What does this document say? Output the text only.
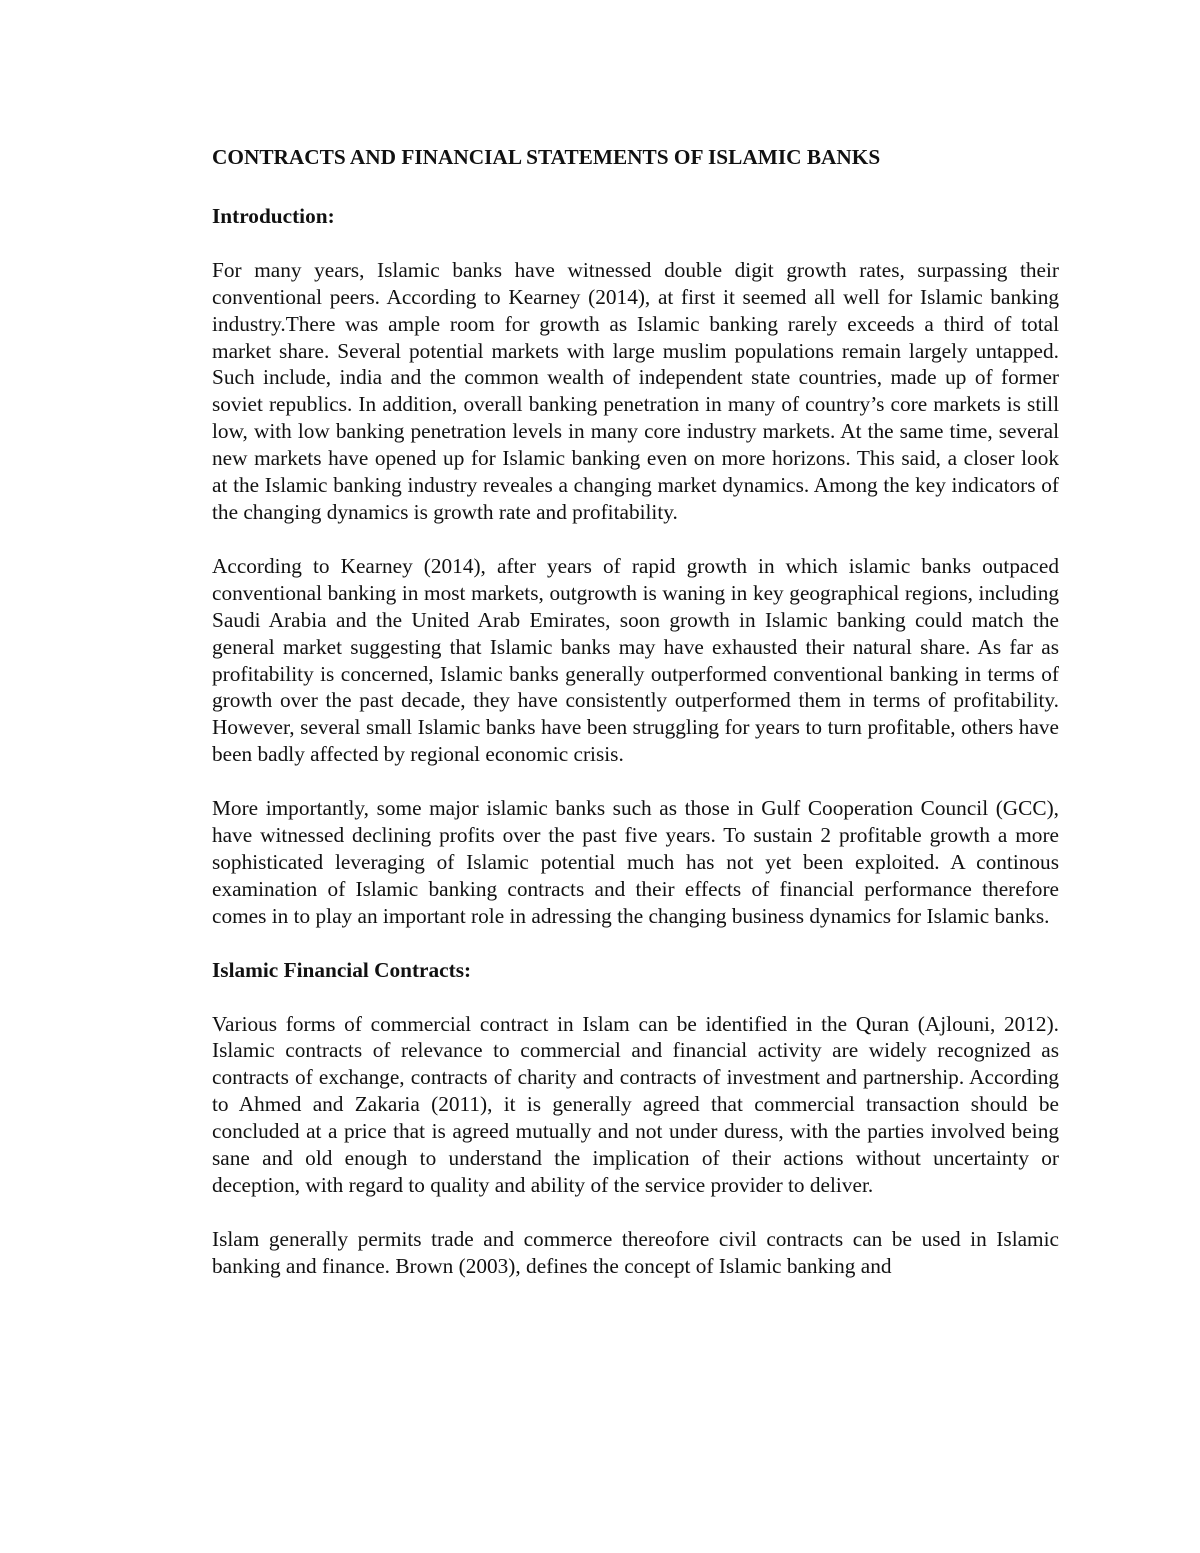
CONTRACTS AND FINANCIAL STATEMENTS OF ISLAMIC BANKS
Introduction:

For many years, Islamic banks have witnessed double digit growth rates, surpassing their conventional peers. According to Kearney (2014), at first it seemed all well for Islamic banking industry.There was ample room for growth as Islamic banking rarely exceeds a third of total market share. Several potential markets with large muslim populations remain largely untapped. Such include, india and the common wealth of independent state countries, made up of former soviet republics. In addition, overall banking penetration in many of country’s core markets is still low, with low banking penetration levels in many core industry markets. At the same time, several new markets have opened up for Islamic banking even on more horizons. This said, a closer look at the Islamic banking industry reveales a changing market dynamics. Among the key indicators of the changing dynamics is growth rate and profitability.

According to Kearney (2014), after years of rapid growth in which islamic banks outpaced conventional banking in most markets, outgrowth is waning in key geographical regions, including Saudi Arabia and the United Arab Emirates, soon growth in Islamic banking could match the general market suggesting that Islamic banks may have exhausted their natural share. As far as profitability is concerned, Islamic banks generally outperformed conventional banking in terms of growth over the past decade, they have consistently outperformed them in terms of profitability. However, several small Islamic banks have been struggling for years to turn profitable, others have been badly affected by regional economic crisis.

More importantly, some major islamic banks such as those in Gulf Cooperation Council (GCC), have witnessed declining profits over the past five years. To sustain 2 profitable growth a more sophisticated leveraging of Islamic potential much has not yet been exploited. A continous examination of Islamic banking contracts and their effects of financial performance therefore comes in to play an important role in adressing the changing business dynamics for Islamic banks.

Islamic Financial Contracts:

Various forms of commercial contract in Islam can be identified in the Quran (Ajlouni, 2012). Islamic contracts of relevance to commercial and financial activity are widely recognized as contracts of exchange, contracts of charity and contracts of investment and partnership. According to Ahmed and Zakaria (2011), it is generally agreed that commercial transaction should be concluded at a price that is agreed mutually and not under duress, with the parties involved being sane and old enough to understand the implication of their actions without uncertainty or deception, with regard to quality and ability of the service provider to deliver.

Islam generally permits trade and commerce thereofore civil contracts can be used in Islamic banking and finance. Brown (2003), defines the concept of Islamic banking and
